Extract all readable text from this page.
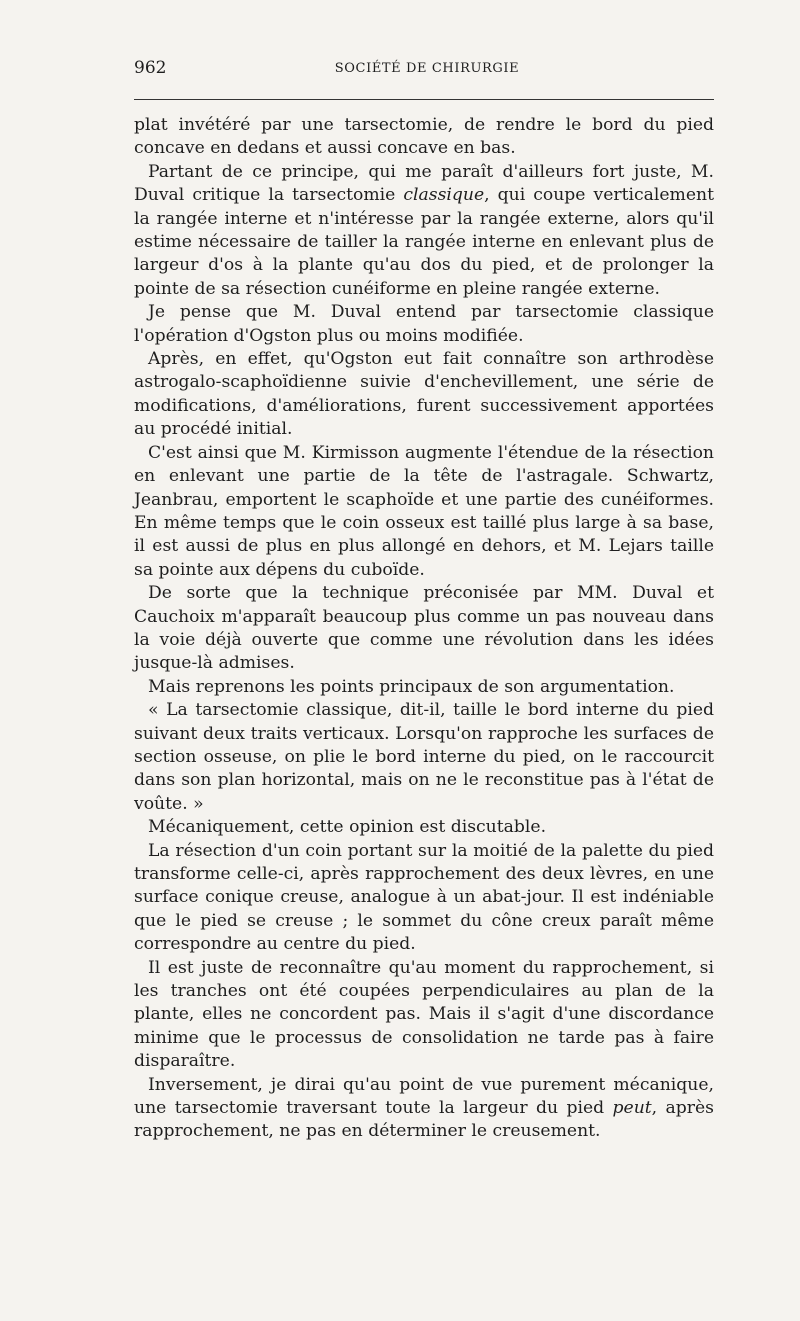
962	SOCIÉTÉ DE CHIRURGIE

plat invétéré par une tarsectomie, de rendre le bord du pied concave en dedans et aussi concave en bas.

Partant de ce principe, qui me paraît d'ailleurs fort juste, M. Duval critique la tarsectomie classique, qui coupe verticalement la rangée interne et n'intéresse par la rangée externe, alors qu'il estime nécessaire de tailler la rangée interne en enlevant plus de largeur d'os à la plante qu'au dos du pied, et de prolonger la pointe de sa résection cunéiforme en pleine rangée externe.

Je pense que M. Duval entend par tarsectomie classique l'opération d'Ogston plus ou moins modifiée.

Après, en effet, qu'Ogston eut fait connaître son arthrodèse astrogalo-scaphoïdienne suivie d'enchevillement, une série de modifications, d'améliorations, furent successivement apportées au procédé initial.

C'est ainsi que M. Kirmisson augmente l'étendue de la résection en enlevant une partie de la tête de l'astragale. Schwartz, Jeanbrau, emportent le scaphoïde et une partie des cunéiformes. En même temps que le coin osseux est taillé plus large à sa base, il est aussi de plus en plus allongé en dehors, et M. Lejars taille sa pointe aux dépens du cuboïde.

De sorte que la technique préconisée par MM. Duval et Cauchoix m'apparaît beaucoup plus comme un pas nouveau dans la voie déjà ouverte que comme une révolution dans les idées jusque-là admises.

Mais reprenons les points principaux de son argumentation.

« La tarsectomie classique, dit-il, taille le bord interne du pied suivant deux traits verticaux. Lorsqu'on rapproche les surfaces de section osseuse, on plie le bord interne du pied, on le raccourcit dans son plan horizontal, mais on ne le reconstitue pas à l'état de voûte. »

Mécaniquement, cette opinion est discutable.

La résection d'un coin portant sur la moitié de la palette du pied transforme celle-ci, après rapprochement des deux lèvres, en une surface conique creuse, analogue à un abat-jour. Il est indéniable que le pied se creuse ; le sommet du cône creux paraît même correspondre au centre du pied.

Il est juste de reconnaître qu'au moment du rapprochement, si les tranches ont été coupées perpendiculaires au plan de la plante, elles ne concordent pas. Mais il s'agit d'une discordance minime que le processus de consolidation ne tarde pas à faire disparaître.

Inversement, je dirai qu'au point de vue purement mécanique, une tarsectomie traversant toute la largeur du pied peut, après rapprochement, ne pas en déterminer le creusement.
